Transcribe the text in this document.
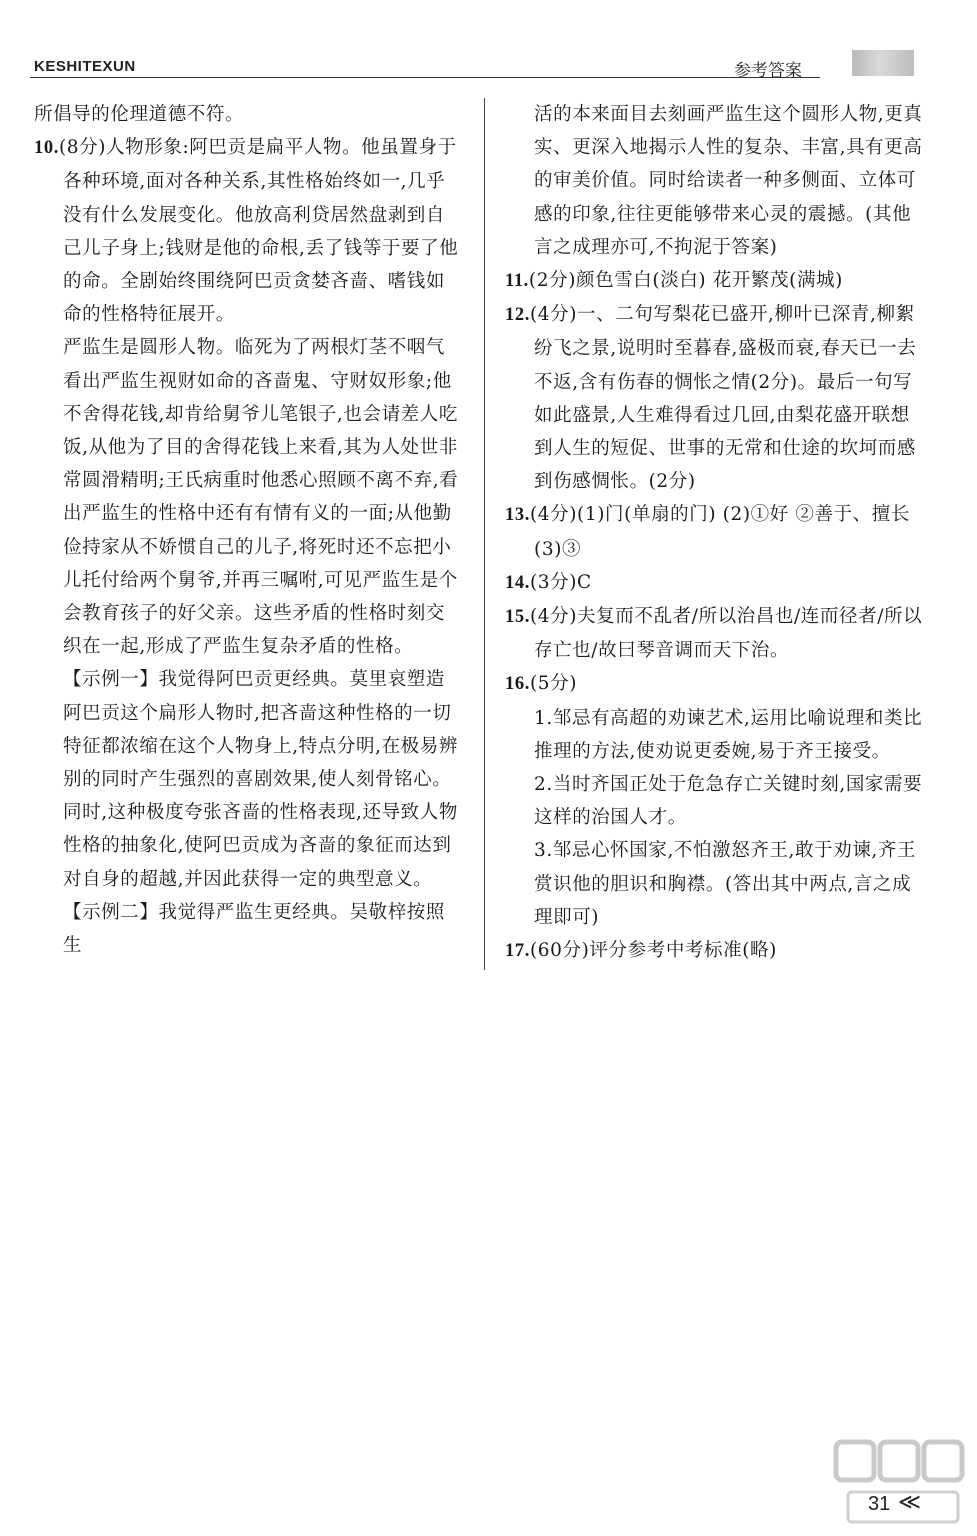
KESHITEXUN	参考答案
所倡导的伦理道德不符。
10.(8分)人物形象:阿巴贡是扁平人物。他虽置身于各种环境,面对各种关系,其性格始终如一,几乎没有什么发展变化。他放高利贷居然盘剥到自己儿子身上;钱财是他的命根,丢了钱等于要了他的命。全剧始终围绕阿巴贡贪婪吝啬、嗜钱如命的性格特征展开。
严监生是圆形人物。临死为了两根灯茎不咽气看出严监生视财如命的吝啬鬼、守财奴形象;他不舍得花钱,却肯给舅爷儿笔银子,也会请差人吃饭,从他为了目的舍得花钱上来看,其为人处世非常圆滑精明;王氏病重时他悉心照顾不离不弃,看出严监生的性格中还有有情有义的一面;从他勤俭持家从不娇惯自己的儿子,将死时还不忘把小儿托付给两个舅爷,并再三嘱咐,可见严监生是个会教育孩子的好父亲。这些矛盾的性格时刻交织在一起,形成了严监生复杂矛盾的性格。
【示例一】我觉得阿巴贡更经典。莫里哀塑造阿巴贡这个扁形人物时,把吝啬这种性格的一切特征都浓缩在这个人物身上,特点分明,在极易辨别的同时产生强烈的喜剧效果,使人刻骨铭心。同时,这种极度夸张吝啬的性格表现,还导致人物性格的抽象化,使阿巴贡成为吝啬的象征而达到对自身的超越,并因此获得一定的典型意义。
【示例二】我觉得严监生更经典。吴敬梓按照生
活的本来面目去刻画严监生这个圆形人物,更真实、更深入地揭示人性的复杂、丰富,具有更高的审美价值。同时给读者一种多侧面、立体可感的印象,往往更能够带来心灵的震撼。(其他言之成理亦可,不拘泥于答案)
11.(2分)颜色雪白(淡白) 花开繁茂(满城)
12.(4分)一、二句写梨花已盛开,柳叶已深青,柳絮纷飞之景,说明时至暮春,盛极而衰,春天已一去不返,含有伤春的惆怅之情(2分)。最后一句写如此盛景,人生难得看过几回,由梨花盛开联想到人生的短促、世事的无常和仕途的坎坷而感到伤感惆怅。(2分)
13.(4分)(1)门(单扇的门) (2)①好 ②善于、擅长 (3)③
14.(3分)C
15.(4分)夫复而不乱者/所以治昌也/连而径者/所以存亡也/故曰琴音调而天下治。
16.(5分)
1.邹忌有高超的劝谏艺术,运用比喻说理和类比推理的方法,使劝说更委婉,易于齐王接受。
2.当时齐国正处于危急存亡关键时刻,国家需要这样的治国人才。
3.邹忌心怀国家,不怕激怒齐王,敢于劝谏,齐王赏识他的胆识和胸襟。(答出其中两点,言之成理即可)
17.(60分)评分参考中考标准(略)
31 ≪
